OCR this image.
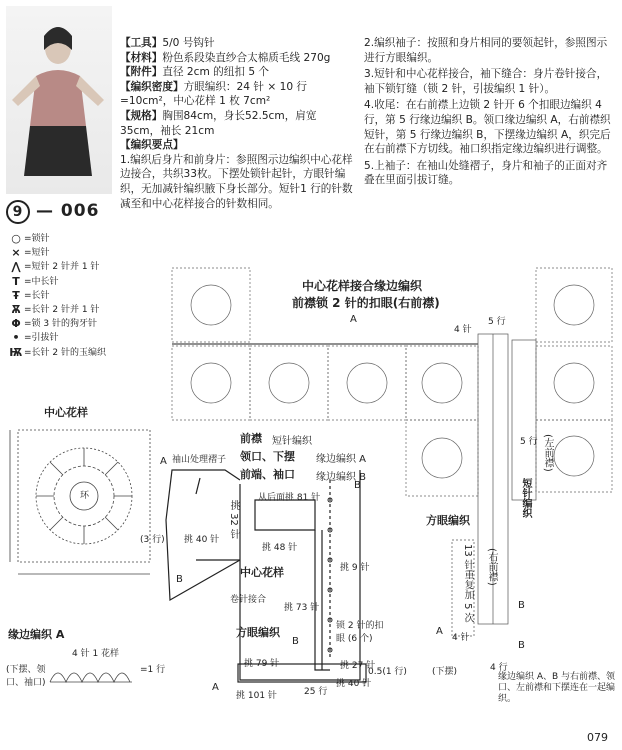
9 — 006

【工具】5/0 号钩针

【材料】粉色系段染直纱合太棉质毛线 270g

【附件】直径 2cm 的纽扣 5 个

【编织密度】方眼编织：24 针 × 10 行 =10cm²，中心花样 1 枚 7cm²

【规格】胸围84cm，身长52.5cm，肩宽35cm，袖长 21cm

【编织要点】

1.编织后身片和前身片：参照图示边编织中心花样边接合，共织33枚。下摆处锁针起针，方眼针编织，无加减针编织腋下身长部分。短针1 行的针数减至和中心花样接合的针数相同。

2.编织袖子：按照和身片相同的要领起针，参照图示进行方眼编织。

3.短针和中心花样接合，袖下缝合：身片卷针接合，袖下锁钉缝（锁 2 针，引拔编织 1 针）。

4.收尾：在右前襟上边锁 2 针开 6 个扣眼边编织 4 行，第 5 行缘边编织 B。领口缘边编织 A，右前襟织短针，第 5 行缘边编织 B，下摆缘边编织 A，织完后在右前襟下方切线。袖口织指定缘边编织进行调整。

5.上袖子：在袖山处缝褶子，身片和袖子的正面对齐叠在里面引拔订缝。

○ =锁针
× =短针
⋀ =短针 2 针并 1 针
T =中长针
Ŧ =长针
Ѫ =长针 2 针并 1 针
Φ =锁 3 针的狗牙针
• =引拔针
Ѭ =长针 2 针的玉编织
中心花样
中心花样接合缘边编织
前襟锁 2 针的扣眼(右前襟)
前襟 短针编织
领口、下摆 缘边编织 A
前端、袖口 缘边编织 B
袖山处理褶子
从后面挑 81 针
中心花样
方眼编织
方眼编织
短针编织
卷针接合
挑 48 针
挑 73 针
挑 79 针
挑 101 针
挑 40 针
挑 40 针
挑 32 针
挑 27 针
挑 9 针
锁 2 针的扣眼 (6 个)
(3 行)
25 行
0.5(1 行)
5 行
4 针
5 行
4 针
4 行
13 针重复加 5 次
(左前襟)
(右前襟)
(下摆)
A
A
A
A
B
B
B
B
B
缘边编织 A、B 与右前襟、领口、左前襟和下摆连在一起编织。
缘边编织 A
4 针 1 花样
=1 行
(下摆、领口、袖口)
环
079
